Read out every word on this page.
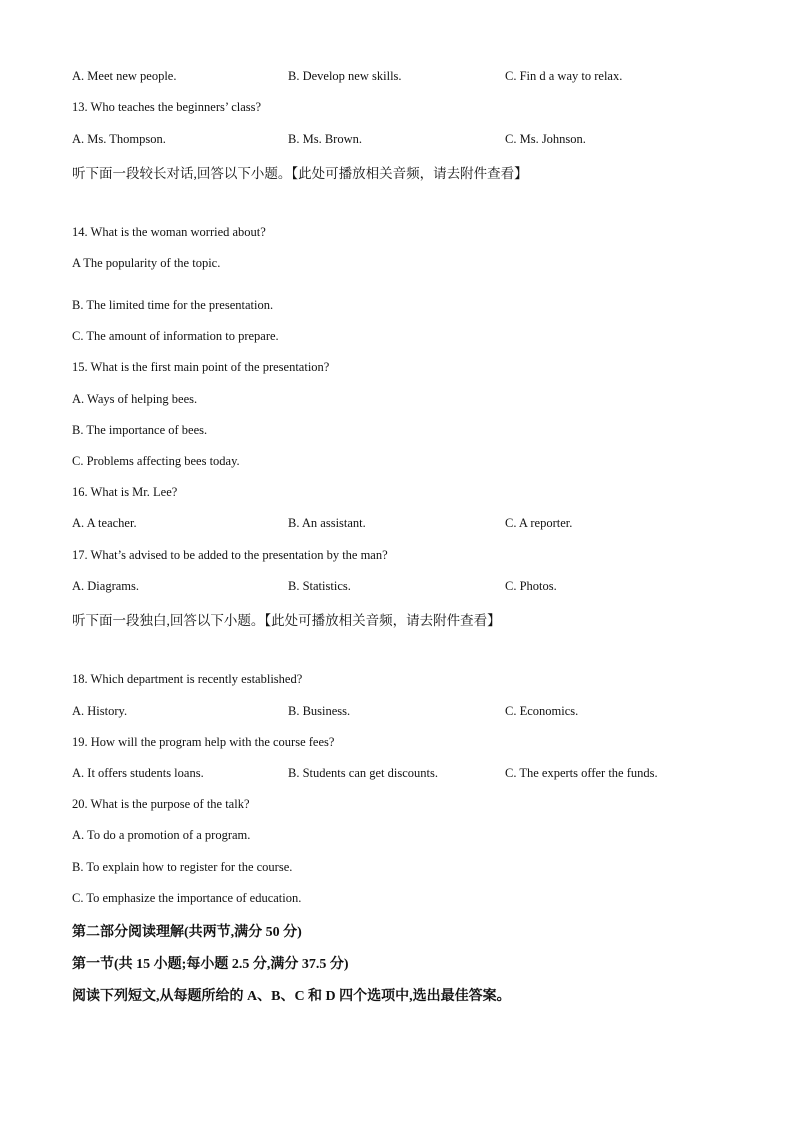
A. Meet new people.	B. Develop new skills.	C. Fin d a way to relax.
13. Who teaches the beginners’ class?
A. Ms. Thompson.	B. Ms. Brown.	C. Ms. Johnson.
听下面一段较长对话,回答以下小题。【此处可播放相关音频，请去附件查看】
14. What is the woman worried about?
A The popularity of the topic.
B. The limited time for the presentation.
C. The amount of information to prepare.
15. What is the first main point of the presentation?
A. Ways of helping bees.
B. The importance of bees.
C. Problems affecting bees today.
16. What is Mr. Lee?
A. A teacher.	B. An assistant.	C. A reporter.
17. What’s advised to be added to the presentation by the man?
A. Diagrams.	B. Statistics.	C. Photos.
听下面一段独白,回答以下小题。【此处可播放相关音频，请去附件查看】
18. Which department is recently established?
A. History.	B. Business.	C. Economics.
19. How will the program help with the course fees?
A. It offers students loans.	B. Students can get discounts.	C. The experts offer the funds.
20. What is the purpose of the talk?
A. To do a promotion of a program.
B. To explain how to register for the course.
C. To emphasize the importance of education.
第二部分阅读理解(共两节,满分 50 分)
第一节(共 15 小题;每小题 2.5 分,满分 37.5 分)
阅读下列短文,从每题所给的 A、B、C 和 D 四个选项中,选出最佳答案。
